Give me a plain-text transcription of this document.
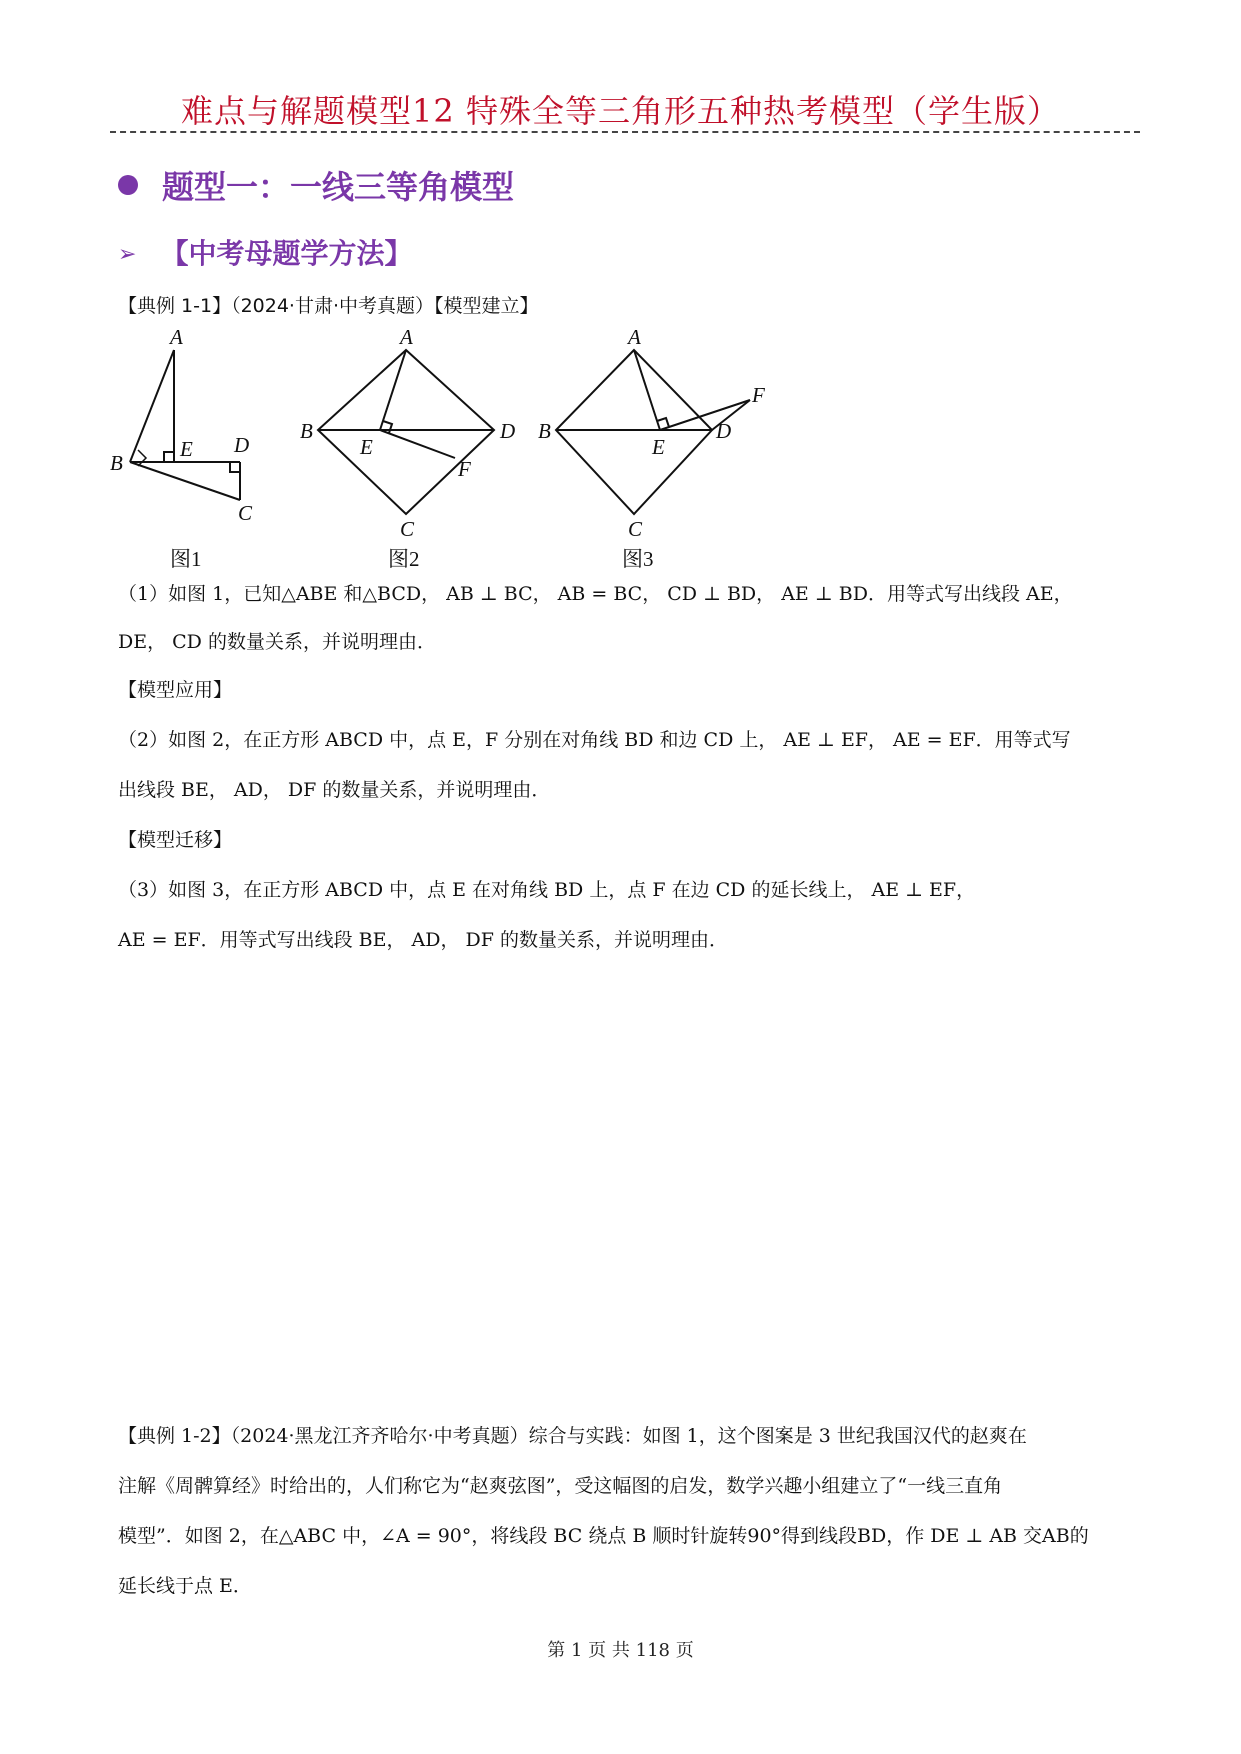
难点与解题模型12 特殊全等三角形五种热考模型（学生版）
题型一：一线三等角模型
➢ 【中考母题学方法】
【典例 1-1】（2024·甘肃·中考真题）【模型建立】
A
B
E D
C
A
B
E
D
F
C
A
B
E
D
F
C
图1	图2	图3
（1）如图 1，已知△ABE 和△BCD， AB ⊥ BC， AB = BC， CD ⊥ BD， AE ⊥ BD．用等式写出线段 AE，
DE， CD 的数量关系，并说明理由．
【模型应用】
（2）如图 2，在正方形 ABCD 中，点 E，F 分别在对角线 BD 和边 CD 上， AE ⊥ EF， AE = EF．用等式写
出线段 BE， AD， DF 的数量关系，并说明理由．
【模型迁移】
（3）如图 3，在正方形 ABCD 中，点 E 在对角线 BD 上，点 F 在边 CD 的延长线上， AE ⊥ EF，
AE = EF．用等式写出线段 BE， AD， DF 的数量关系，并说明理由．
【典例 1-2】（2024·黑龙江齐齐哈尔·中考真题）综合与实践：如图 1，这个图案是 3 世纪我国汉代的赵爽在
注解《周髀算经》时给出的，人们称它为“赵爽弦图”，受这幅图的启发，数学兴趣小组建立了“一线三直角
模型”．如图 2，在△ABC 中，∠A = 90°，将线段 BC 绕点 B 顺时针旋转90°得到线段BD，作 DE ⊥ AB 交AB的
延长线于点 E．
第 1 页 共 118 页
